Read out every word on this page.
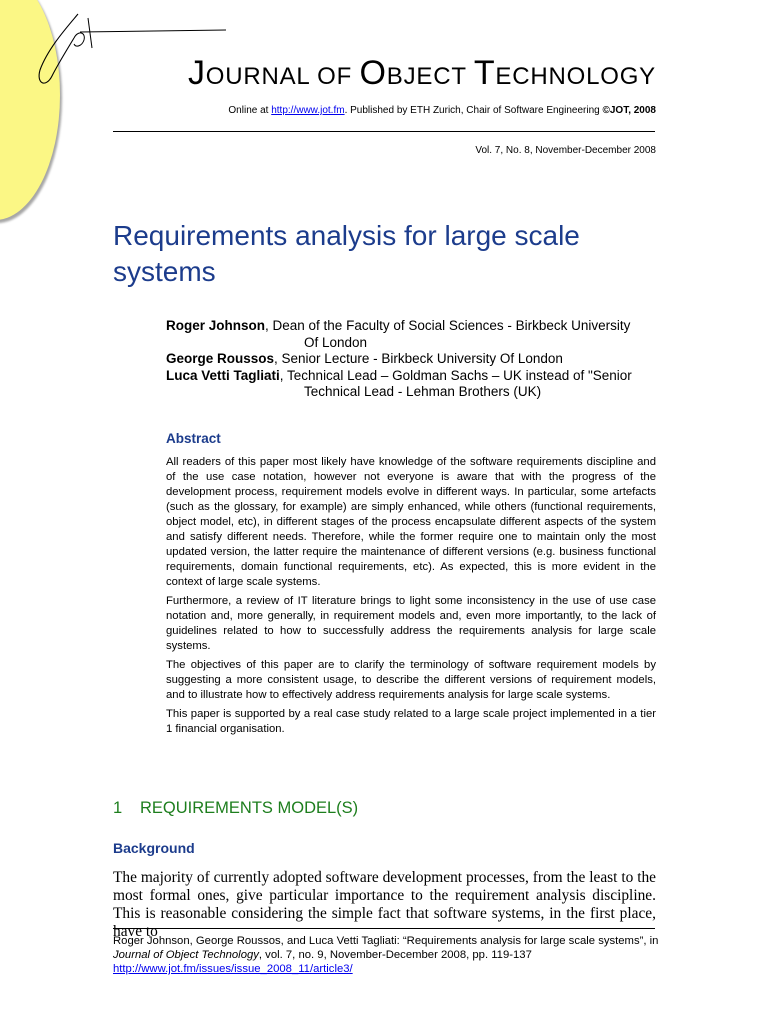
JOURNAL OF OBJECT TECHNOLOGY
Online at http://www.jot.fm. Published by ETH Zurich, Chair of Software Engineering ©JOT, 2008
Vol. 7, No. 8, November-December 2008
Requirements analysis for large scale systems

Roger Johnson, Dean of the Faculty of Social Sciences - Birkbeck University
Of London

George Roussos, Senior Lecture - Birkbeck University Of London

Luca Vetti Tagliati, Technical Lead – Goldman Sachs – UK instead of "Senior
Technical Lead - Lehman Brothers (UK)

Abstract

All readers of this paper most likely have knowledge of the software requirements discipline and of the use case notation, however not everyone is aware that with the progress of the development process, requirement models evolve in different ways. In particular, some artefacts (such as the glossary, for example) are simply enhanced, while others (functional requirements, object model, etc), in different stages of the process encapsulate different aspects of the system and satisfy different needs. Therefore, while the former require one to maintain only the most updated version, the latter require the maintenance of different versions (e.g. business functional requirements, domain functional requirements, etc). As expected, this is more evident in the context of large scale systems.

Furthermore, a review of IT literature brings to light some inconsistency in the use of use case notation and, more generally, in requirement models and, even more importantly, to the lack of guidelines related to how to successfully address the requirements analysis for large scale systems.

The objectives of this paper are to clarify the terminology of software requirement models by suggesting a more consistent usage, to describe the different versions of requirement models, and to illustrate how to effectively address requirements analysis for large scale systems.

This paper is supported by a real case study related to a large scale project implemented in a tier 1 financial organisation.

1 REQUIREMENTS MODEL(S)
Background

The majority of currently adopted software development processes, from the least to the most formal ones, give particular importance to the requirement analysis discipline. This is reasonable considering the simple fact that software systems, in the first place, have to

Roger Johnson, George Roussos, and Luca Vetti Tagliati: “Requirements analysis for large scale systems”, in Journal of Object Technology, vol. 7, no. 9, November-December 2008, pp. 119-137
http://www.jot.fm/issues/issue_2008_11/article3/
